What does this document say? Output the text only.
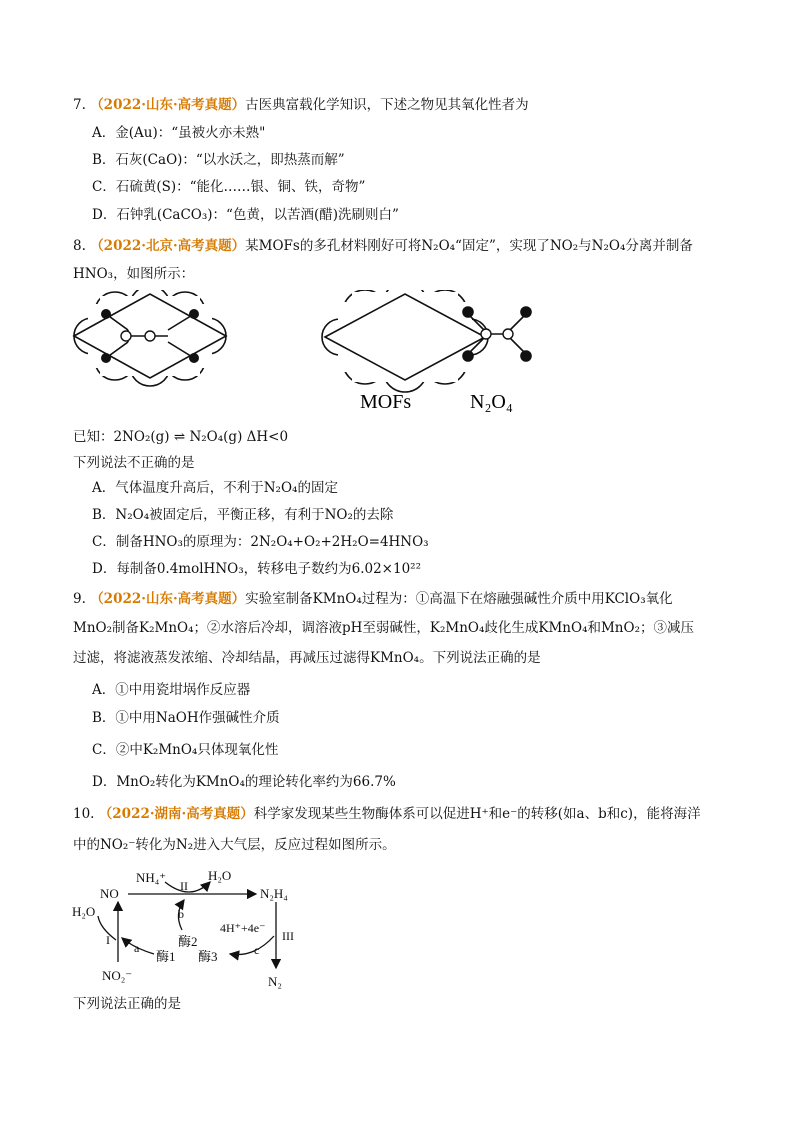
7. （2022·山东·高考真题）古医典富载化学知识，下述之物见其氧化性者为
A．金(Au)：“虽被火亦未熟"
B．石灰(CaO)：“以水沃之，即热蒸而解”
C．石硫黄(S)：“能化……银、铜、铁，奇物”
D．石钟乳(CaCO₃)：“色黄，以苦酒(醋)洗刷则白”
8. （2022·北京·高考真题）某MOFs的多孔材料刚好可将N₂O₄“固定”，实现了NO₂与N₂O₄分离并制备
HNO₃，如图所示：
MOFs	N₂O₄
已知：2NO₂(g) ⇌ N₂O₄(g) ΔH<0
下列说法不正确的是
A．气体温度升高后，不利于N₂O₄的固定
B．N₂O₄被固定后，平衡正移，有利于NO₂的去除
C．制备HNO₃的原理为：2N₂O₄+O₂+2H₂O=4HNO₃
D．每制备0.4molHNO₃，转移电子数约为6.02×10²²
9. （2022·山东·高考真题）实验室制备KMnO₄过程为：①高温下在熔融强碱性介质中用KClO₃氧化
MnO₂制备K₂MnO₄；②水溶后冷却，调溶液pH至弱碱性，K₂MnO₄歧化生成KMnO₄和MnO₂；③减压
过滤，将滤液蒸发浓缩、冷却结晶，再减压过滤得KMnO₄。下列说法正确的是
A．①中用瓷坩埚作反应器
B．①中用NaOH作强碱性介质
C．②中K₂MnO₄只体现氧化性
D．MnO₂转化为KMnO₄的理论转化率约为66.7%
10. （2022·湖南·高考真题）科学家发现某些生物酶体系可以促进H⁺和e⁻的转移(如a、b和c)，能将海洋
中的NO₂⁻转化为N₂进入大气层，反应过程如图所示。
NH₄⁺	H₂O
II
NO	N₂H₄
H₂O
I
a
b
c
4H⁺+4e⁻
III
酶2
酶1 酶3
NO₂⁻	N₂
下列说法正确的是
